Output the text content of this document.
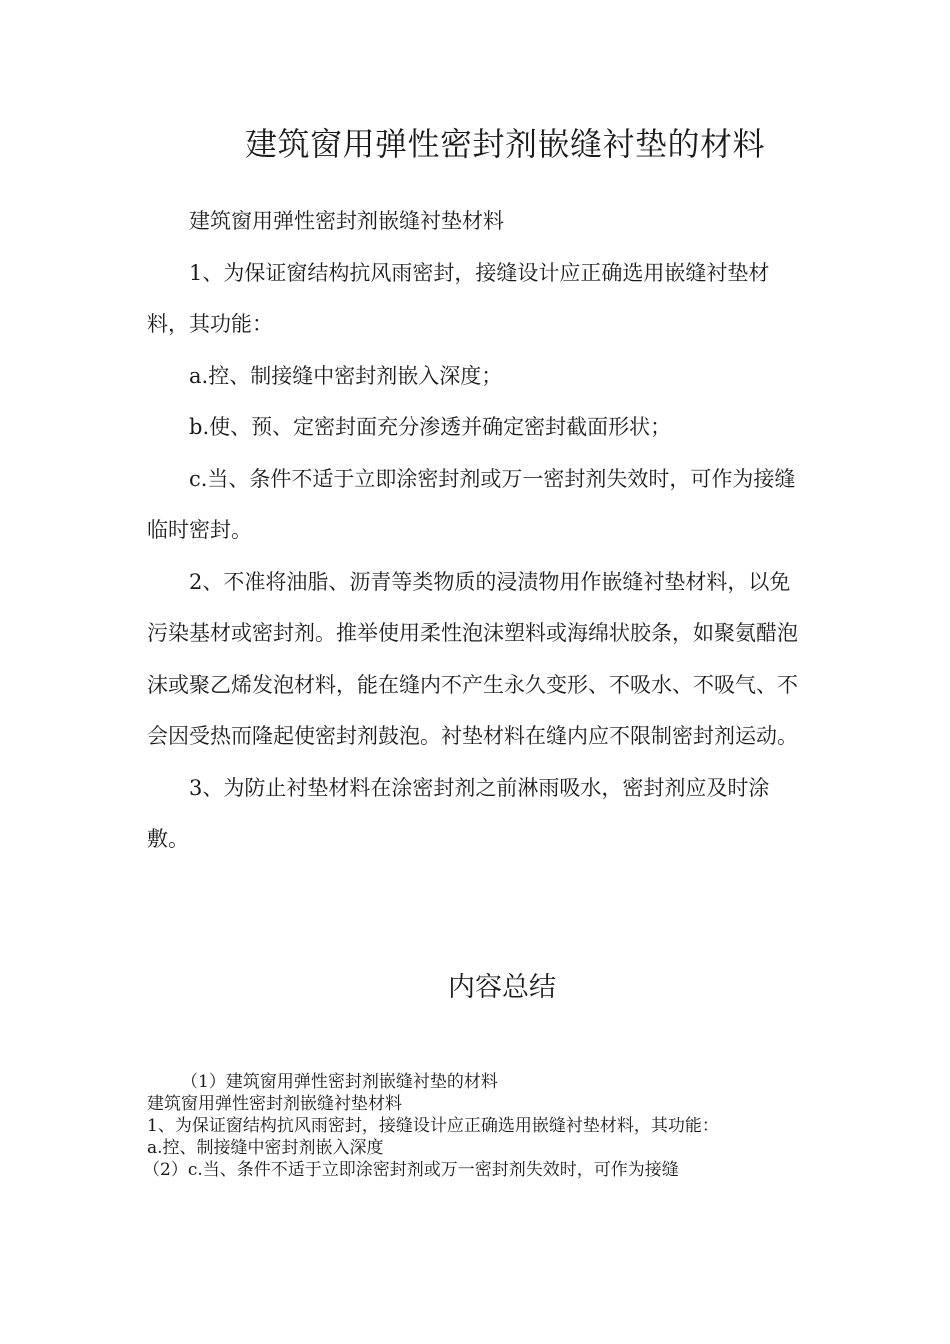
建筑窗用弹性密封剂嵌缝衬垫的材料

建筑窗用弹性密封剂嵌缝衬垫材料

1、为保证窗结构抗风雨密封，接缝设计应正确选用嵌缝衬垫材料，其功能：

a.控、制接缝中密封剂嵌入深度；

b.使、预、定密封面充分渗透并确定密封截面形状；

c.当、条件不适于立即涂密封剂或万一密封剂失效时，可作为接缝临时密封。

2、不准将油脂、沥青等类物质的浸渍物用作嵌缝衬垫材料，以免污染基材或密封剂。推举使用柔性泡沫塑料或海绵状胶条，如聚氨醋泡沫或聚乙烯发泡材料，能在缝内不产生永久变形、不吸水、不吸气、不会因受热而隆起使密封剂鼓泡。衬垫材料在缝内应不限制密封剂运动。

3、为防止衬垫材料在涂密封剂之前淋雨吸水，密封剂应及时涂敷。

内容总结

（1）建筑窗用弹性密封剂嵌缝衬垫的材料

建筑窗用弹性密封剂嵌缝衬垫材料

1、为保证窗结构抗风雨密封，接缝设计应正确选用嵌缝衬垫材料，其功能：

a.控、制接缝中密封剂嵌入深度

（2）c.当、条件不适于立即涂密封剂或万一密封剂失效时，可作为接缝
